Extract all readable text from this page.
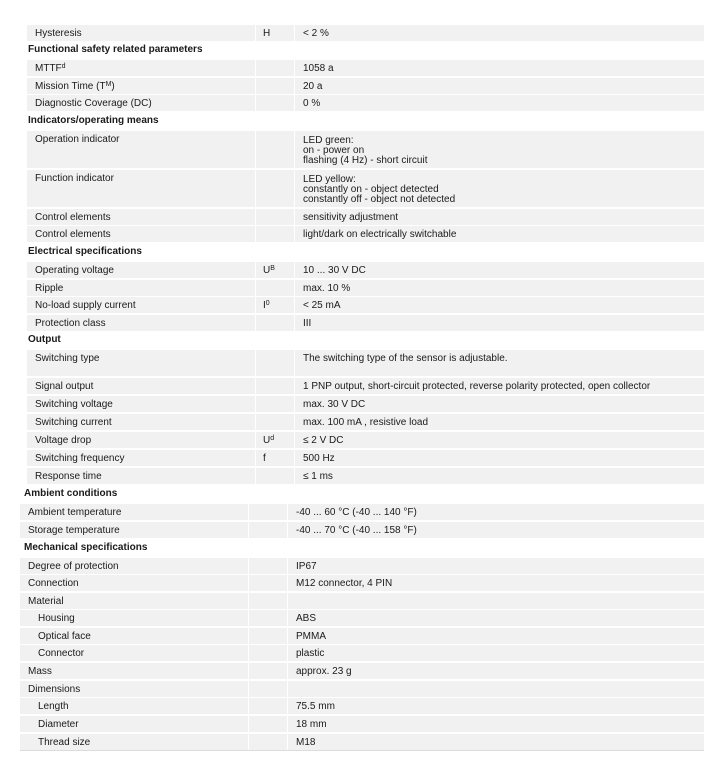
Hysteresis	H	< 2 %
Functional safety related parameters
MTTF$^d$	1058 a
Mission Time ($T^M$ )	20 a
Diagnostic Coverage (DC)	0 %
Indicators/operating means
Operation indicator	LED green:
on - power on
flashing (4 Hz) - short circuit
Function indicator	LED yellow:
constantly on - object detected
constantly off - object not detected
Control elements	sensitivity adjustment
Control elements	light/dark on electrically switchable
Electrical specifications
Operating voltage	$U^B$	10 ... 30 V DC
Ripple	max. 10 %
No-load supply current	$I^0$	< 25 mA
Protection class	III
Output
Switching type	The switching type of the sensor is adjustable.
Signal output	1 PNP output, short-circuit protected, reverse polarity protected, open collector
Switching voltage	max. 30 V DC
Switching current	max. 100 mA , resistive load
Voltage drop	$U^d$	≤ 2 V DC
Switching frequency	f	500 Hz
Response time	≤ 1 ms
Ambient conditions
Ambient temperature	-40 ... 60 °C (-40 ... 140 °F)
Storage temperature	-40 ... 70 °C (-40 ... 158 °F)
Mechanical specifications
Degree of protection	IP67
Connection	M12 connector, 4 PIN
Material
Housing	ABS
Optical face	PMMA
Connector	plastic
Mass	approx. 23 g
Dimensions
Length	75.5 mm
Diameter	18 mm
Thread size	M18
